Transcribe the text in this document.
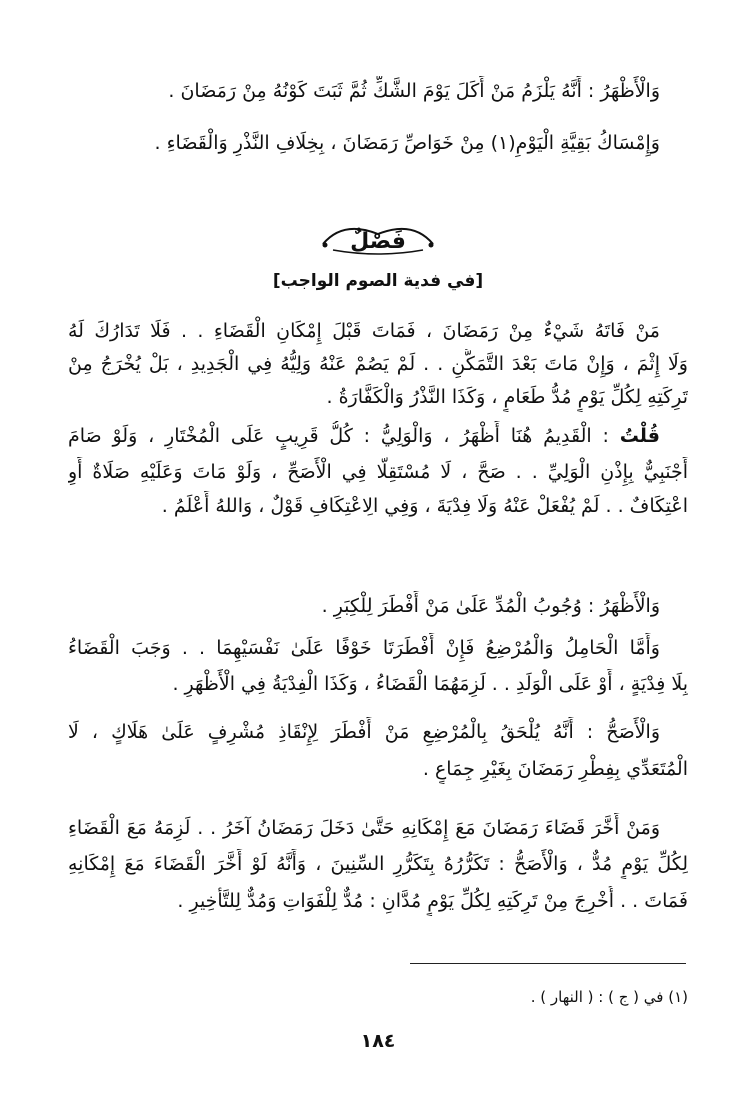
وَالْأَظْهَرُ : أَنَّهُ يَلْزَمُ مَنْ أَكَلَ يَوْمَ الشَّكِّ ثُمَّ ثَبَتَ كَوْنُهُ مِنْ رَمَضَانَ .
وَإِمْسَاكُ بَقِيَّةِ الْيَوْمِ(١) مِنْ خَوَاصِّ رَمَضَانَ ، بِخِلَافِ النَّذْرِ وَالْقَضَاءِ .
فَصْلٌ
[في فدية الصوم الواجب]
مَنْ فَاتَهُ شَيْءٌ مِنْ رَمَضَانَ ، فَمَاتَ قَبْلَ إِمْكَانِ الْقَضَاءِ . . فَلَا تَدَارُكَ لَهُ
وَلَا إِثْمَ ، وَإِنْ مَاتَ بَعْدَ التَّمَكُّنِ . . لَمْ يَصُمْ عَنْهُ وَلِيُّهُ فِي الْجَدِيدِ ، بَلْ يُخْرَجُ مِنْ
تَرِكَتِهِ لِكُلِّ يَوْمٍ مُدُّ طَعَامٍ ، وَكَذَا النَّذْرُ وَالْكَفَّارَةُ .
قُلْتُ : الْقَدِيمُ هُنَا أَظْهَرُ ، وَالْوَلِيُّ : كُلُّ قَرِيبٍ عَلَى الْمُخْتَارِ ، وَلَوْ صَامَ
أَجْنَبِيٌّ بِإِذْنِ الْوَلِيِّ . . صَحَّ ، لَا مُسْتَقِلًّا فِي الْأَصَحِّ ، وَلَوْ مَاتَ وَعَلَيْهِ صَلَاةٌ أَوِ
اعْتِكَافٌ . . لَمْ يُفْعَلْ عَنْهُ وَلَا فِدْيَةَ ، وَفِي الِاعْتِكَافِ قَوْلٌ ، وَاللهُ أَعْلَمُ .
وَالْأَظْهَرُ : وُجُوبُ الْمُدِّ عَلَىٰ مَنْ أَفْطَرَ لِلْكِبَرِ .
وَأَمَّا الْحَامِلُ وَالْمُرْضِعُ فَإِنْ أَفْطَرَتَا خَوْفًا عَلَىٰ نَفْسَيْهِمَا . . وَجَبَ الْقَضَاءُ
بِلَا فِدْيَةٍ ، أَوْ عَلَى الْوَلَدِ . . لَزِمَهُمَا الْقَضَاءُ ، وَكَذَا الْفِدْيَةُ فِي الْأَظْهَرِ .
وَالْأَصَحُّ : أَنَّهُ يُلْحَقُ بِالْمُرْضِعِ مَنْ أَفْطَرَ لِإِنْقَاذِ مُشْرِفٍ عَلَىٰ هَلَاكٍ ، لَا
الْمُتَعَدِّي بِفِطْرِ رَمَضَانَ بِغَيْرِ جِمَاعٍ .
وَمَنْ أَخَّرَ قَضَاءَ رَمَضَانَ مَعَ إِمْكَانِهِ حَتَّىٰ دَخَلَ رَمَضَانُ آخَرُ . . لَزِمَهُ مَعَ الْقَضَاءِ
لِكُلِّ يَوْمٍ مُدٌّ ، وَالْأَصَحُّ : تَكَرُّرُهُ بِتَكَرُّرِ السِّنِينَ ، وَأَنَّهُ لَوْ أَخَّرَ الْقَضَاءَ مَعَ إِمْكَانِهِ
فَمَاتَ . . أُخْرِجَ مِنْ تَرِكَتِهِ لِكُلِّ يَوْمٍ مُدَّانِ : مُدٌّ لِلْفَوَاتِ وَمُدٌّ لِلتَّأْخِيرِ .
(١) في ( ج ) : ( النهار ) .
١٨٤
